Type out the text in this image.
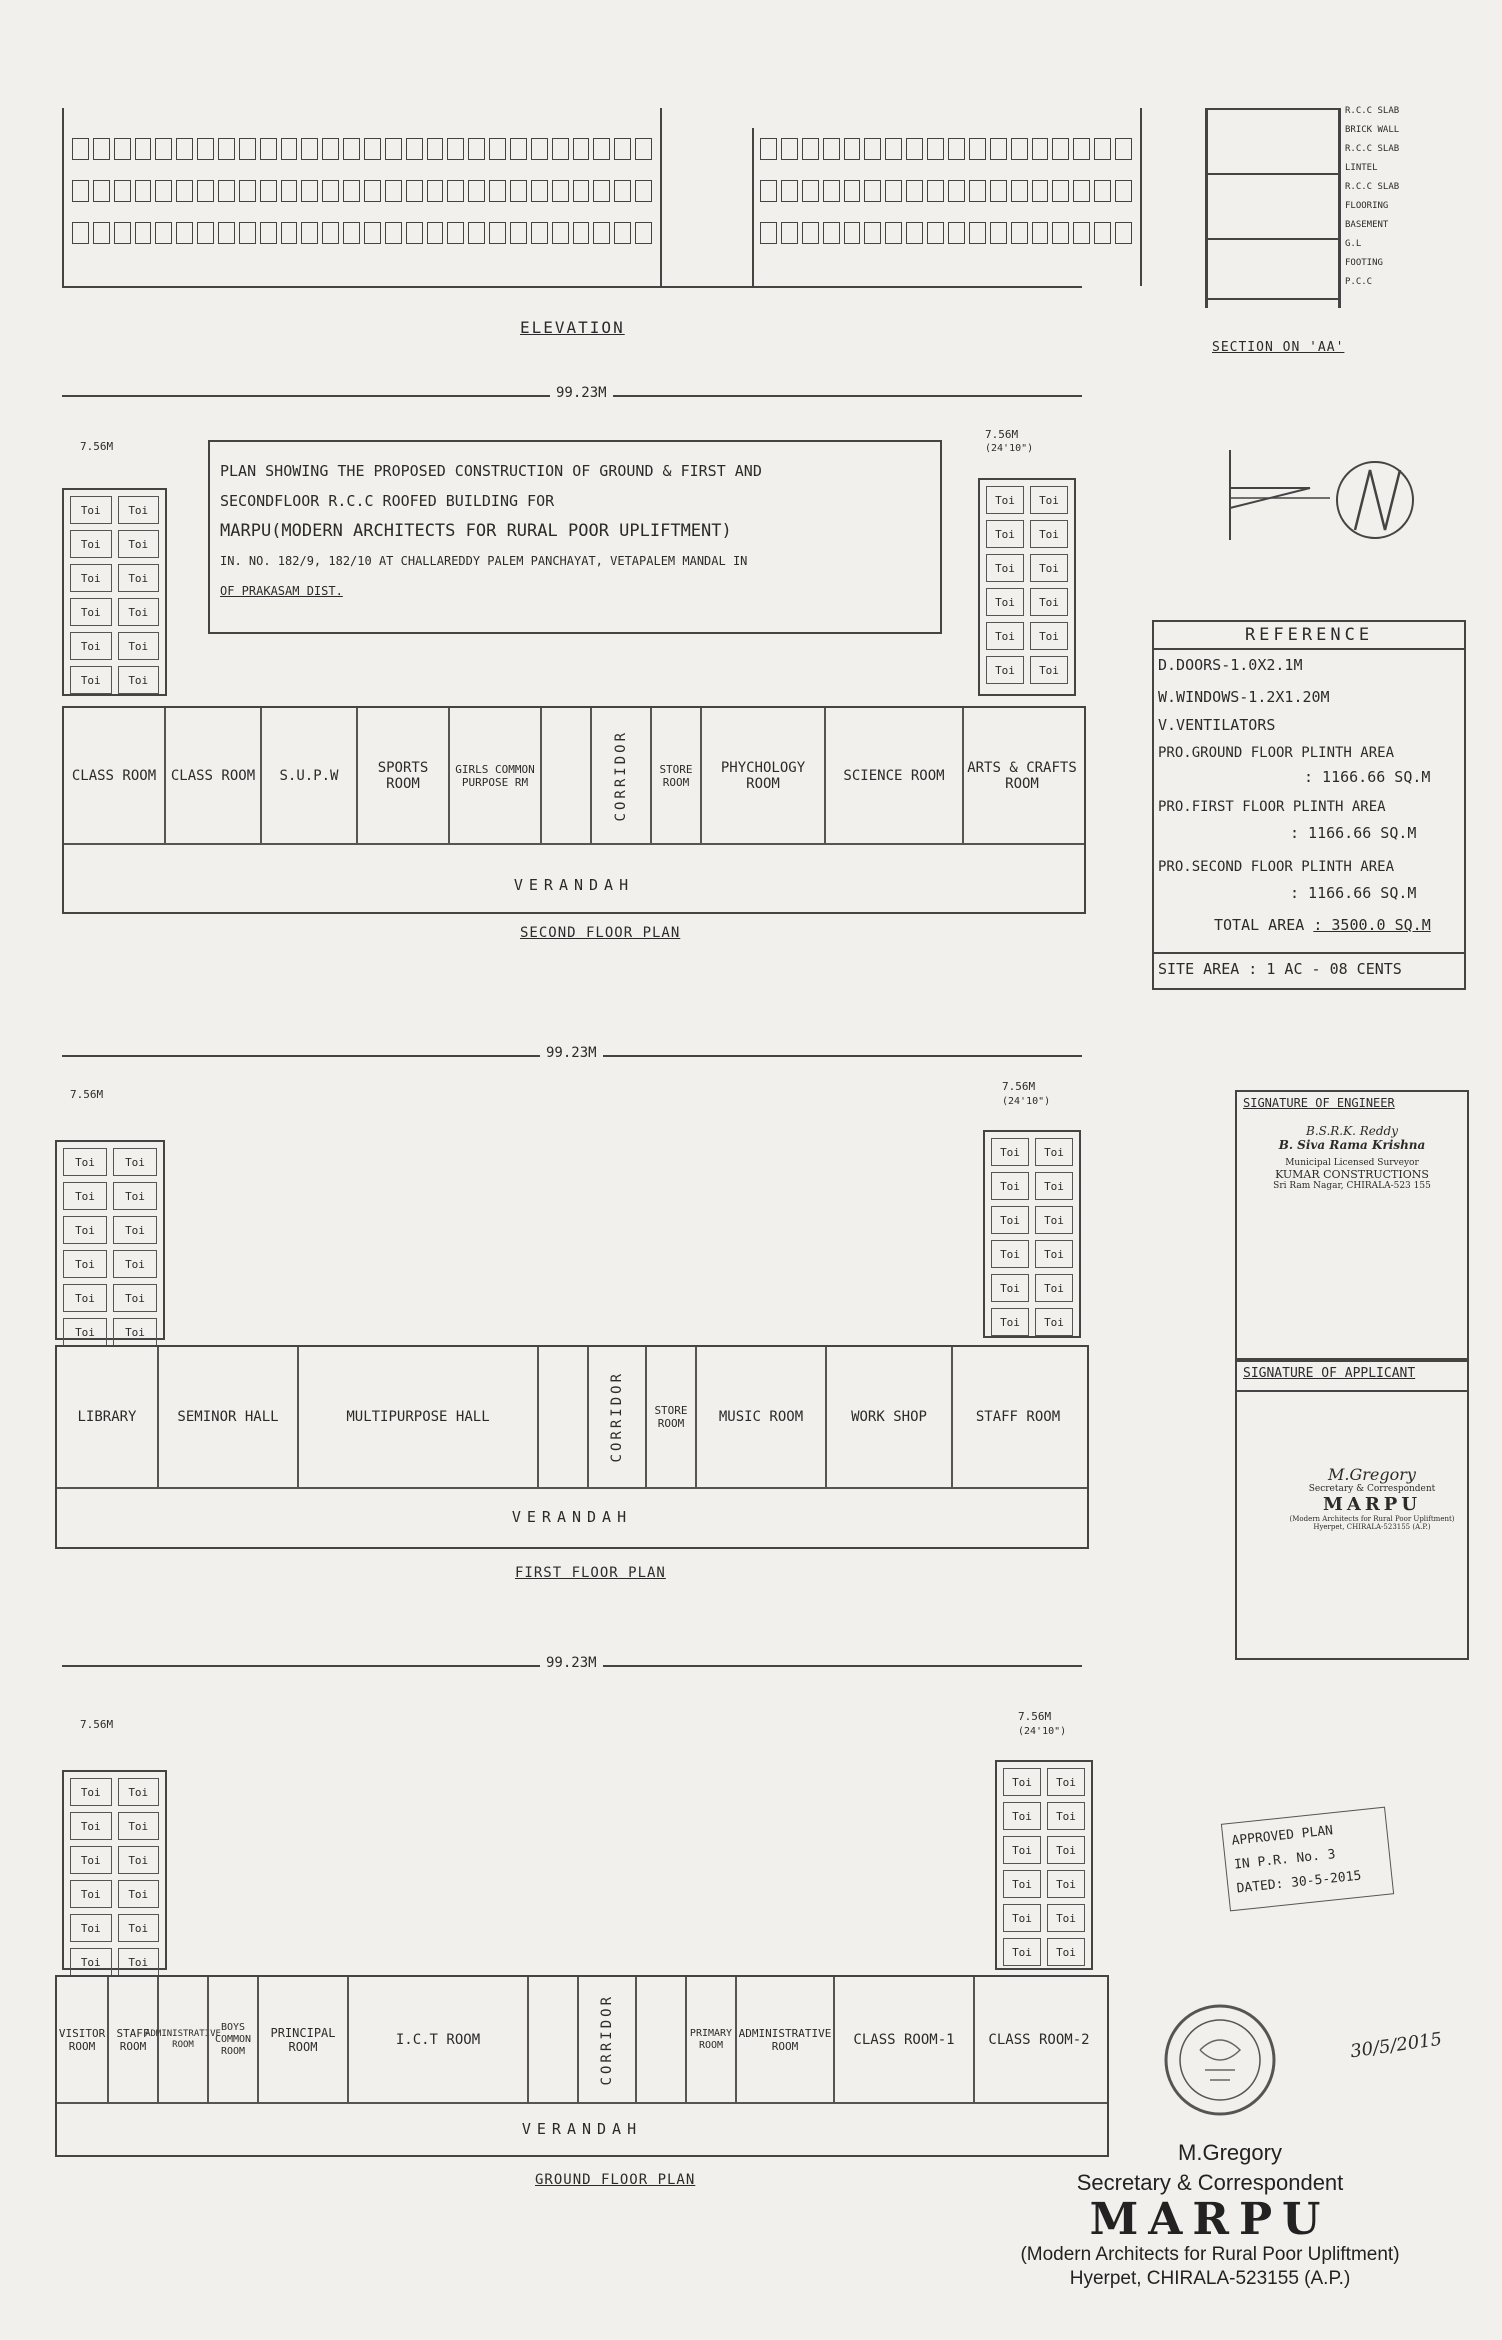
ELEVATION
R.C.C SLAB
BRICK WALL
R.C.C SLAB
LINTEL
R.C.C SLAB
FLOORING
BASEMENT
G.L
FOOTING
P.C.C
SECTION ON 'AA'
PLAN SHOWING THE PROPOSED CONSTRUCTION OF GROUND & FIRST AND
SECONDFLOOR R.C.C ROOFED BUILDING FOR
MARPU(MODERN ARCHITECTS FOR RURAL POOR UPLIFTMENT)
IN. NO. 182/9, 182/10 AT CHALLAREDDY PALEM PANCHAYAT, VETAPALEM MANDAL IN
OF PRAKASAM DIST.
99.23M
7.56M
7.56M
(24'10")
Toi	Toi
Toi	Toi
Toi	Toi
Toi	Toi
Toi	Toi
Toi	Toi
Toi	Toi
Toi	Toi
Toi	Toi
Toi	Toi
Toi	Toi
Toi	Toi
CLASS ROOM	CLASS ROOM	S.U.P.W	SPORTS ROOM
GIRLS COMMON PURPOSE RM	CORRIDOR	STORE ROOM
PHYCHOLOGY ROOM	SCIENCE ROOM	ARTS & CRAFTS ROOM
VERANDAH
SECOND FLOOR PLAN
REFERENCE
D.DOORS-1.0X2.1M
W.WINDOWS-1.2X1.20M
V.VENTILATORS
PRO.GROUND FLOOR PLINTH AREA
: 1166.66 SQ.M
PRO.FIRST FLOOR PLINTH AREA
: 1166.66 SQ.M
PRO.SECOND FLOOR PLINTH AREA
: 1166.66 SQ.M
TOTAL AREA : 3500.0 SQ.M
SITE AREA : 1 AC - 08 CENTS
99.23M
7.56M
7.56M
(24'10")
Toi	Toi
Toi	Toi
Toi	Toi
Toi	Toi
Toi	Toi
Toi	Toi
Toi	Toi
Toi	Toi
Toi	Toi
Toi	Toi
Toi	Toi
Toi	Toi
LIBRARY	SEMINOR HALL	MULTIPURPOSE HALL	CORRIDOR	STORE ROOM	MUSIC ROOM	WORK SHOP	STAFF ROOM
VERANDAH
FIRST FLOOR PLAN
SIGNATURE OF ENGINEER
B.S.R.K. Reddy
B. Siva Rama Krishna
Municipal Licensed Surveyor
KUMAR CONSTRUCTIONS
Sri Ram Nagar, CHIRALA-523 155
SIGNATURE OF APPLICANT
M.Gregory
Secretary & Correspondent
MARPU
(Modern Architects for Rural Poor Upliftment)
Hyerpet, CHIRALA-523155 (A.P.)
99.23M
7.56M
7.56M
(24'10")
Toi	Toi
Toi	Toi
Toi	Toi
Toi	Toi
Toi	Toi
Toi	Toi
Toi	Toi
Toi	Toi
Toi	Toi
Toi	Toi
Toi	Toi
Toi	Toi
VISITOR ROOM
STAFF ROOM
ADMINISTRATIVE ROOM
BOYS COMMON ROOM
PRINCIPAL ROOM	I.C.T ROOM	CORRIDOR	PRIMARY ROOM
ADMINISTRATIVE ROOM	CLASS ROOM-1	CLASS ROOM-2
VERANDAH
GROUND FLOOR PLAN
APPROVED PLAN
IN P.R. No. 3
DATED: 30-5-2015
30/5/2015
M.Gregory
Secretary & Correspondent
MARPU
(Modern Architects for Rural Poor Upliftment)
Hyerpet, CHIRALA-523155 (A.P.)
